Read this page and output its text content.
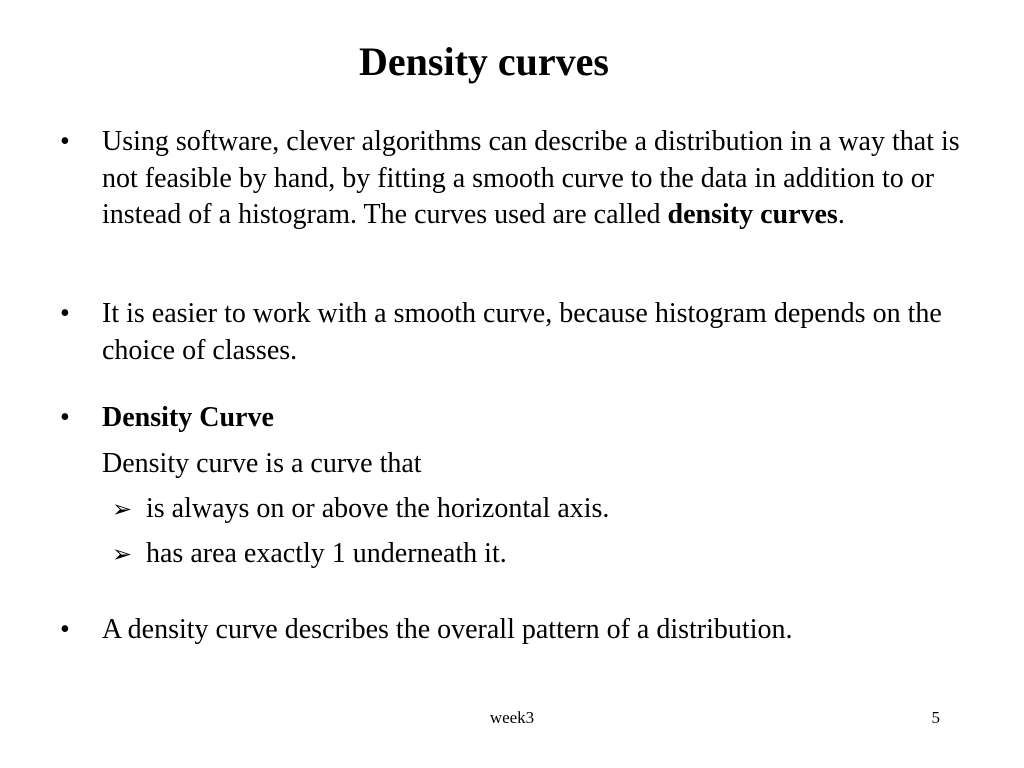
Density curves
•	Using software, clever algorithms can describe a distribution in a way that is not feasible by hand, by fitting a smooth curve to the data in addition to or instead of a histogram. The curves used are called density curves.
•	It is easier to work with a smooth curve, because histogram depends on the choice of classes.
•	Density Curve
Density curve is a curve that
➢ is always on or above the horizontal axis.
➢ has area exactly 1 underneath it.
•	A density curve describes the overall pattern of a distribution.
week3	5
